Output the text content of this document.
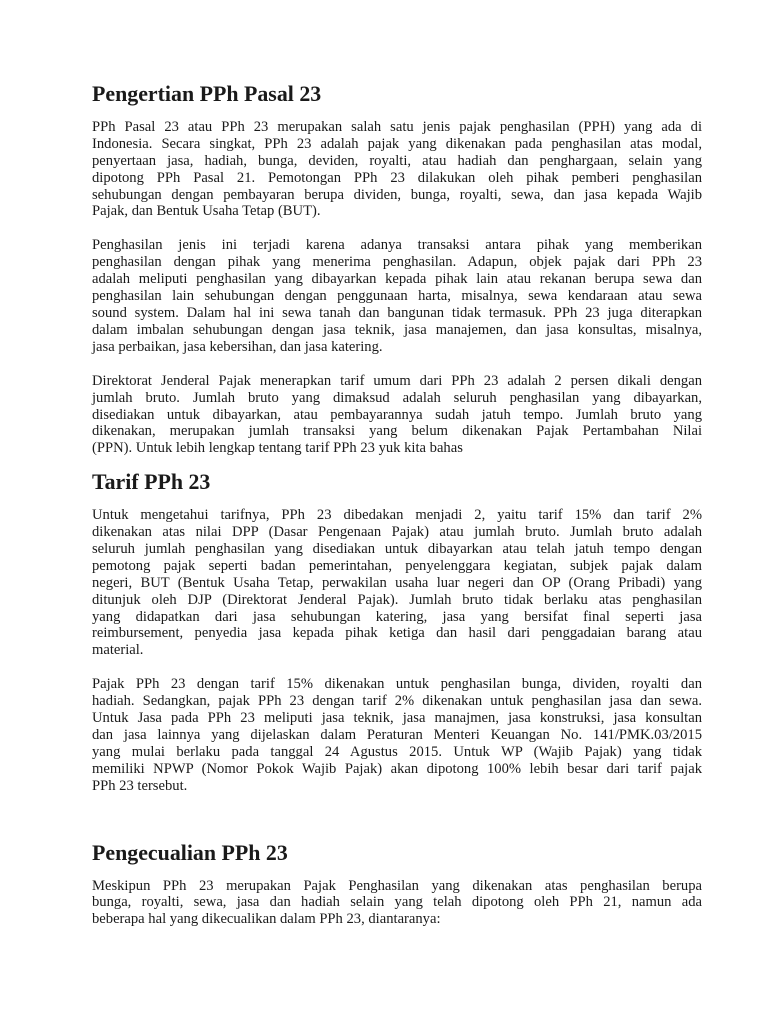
Pengertian PPh Pasal 23

PPh Pasal 23 atau PPh 23 merupakan salah satu jenis pajak penghasilan (PPH) yang ada di
Indonesia. Secara singkat, PPh 23 adalah pajak yang dikenakan pada penghasilan atas modal,
penyertaan jasa, hadiah, bunga, deviden, royalti, atau hadiah dan penghargaan, selain yang
dipotong PPh Pasal 21. Pemotongan PPh 23 dilakukan oleh pihak pemberi penghasilan
sehubungan dengan pembayaran berupa dividen, bunga, royalti, sewa, dan jasa kepada Wajib
Pajak, dan Bentuk Usaha Tetap (BUT).

Penghasilan jenis ini terjadi karena adanya transaksi antara pihak yang memberikan
penghasilan dengan pihak yang menerima penghasilan. Adapun, objek pajak dari PPh 23
adalah meliputi penghasilan yang dibayarkan kepada pihak lain atau rekanan berupa sewa dan
penghasilan lain sehubungan dengan penggunaan harta, misalnya, sewa kendaraan atau sewa
sound system. Dalam hal ini sewa tanah dan bangunan tidak termasuk. PPh 23 juga diterapkan
dalam imbalan sehubungan dengan jasa teknik, jasa manajemen, dan jasa konsultas, misalnya,
jasa perbaikan, jasa kebersihan, dan jasa katering.

Direktorat Jenderal Pajak menerapkan tarif umum dari PPh 23 adalah 2 persen dikali dengan
jumlah bruto. Jumlah bruto yang dimaksud adalah seluruh penghasilan yang dibayarkan,
disediakan untuk dibayarkan, atau pembayarannya sudah jatuh tempo. Jumlah bruto yang
dikenakan, merupakan jumlah transaksi yang belum dikenakan Pajak Pertambahan Nilai
(PPN). Untuk lebih lengkap tentang tarif PPh 23 yuk kita bahas

Tarif PPh 23

Untuk mengetahui tarifnya, PPh 23 dibedakan menjadi 2, yaitu tarif 15% dan tarif 2%
dikenakan atas nilai DPP (Dasar Pengenaan Pajak) atau jumlah bruto. Jumlah bruto adalah
seluruh jumlah penghasilan yang disediakan untuk dibayarkan atau telah jatuh tempo dengan
pemotong pajak seperti badan pemerintahan, penyelenggara kegiatan, subjek pajak dalam
negeri, BUT (Bentuk Usaha Tetap, perwakilan usaha luar negeri dan OP (Orang Pribadi) yang
ditunjuk oleh DJP (Direktorat Jenderal Pajak). Jumlah bruto tidak berlaku atas penghasilan
yang didapatkan dari jasa sehubungan katering, jasa yang bersifat final seperti jasa
reimbursement, penyedia jasa kepada pihak ketiga dan hasil dari penggadaian barang atau
material.

Pajak PPh 23 dengan tarif 15% dikenakan untuk penghasilan bunga, dividen, royalti dan
hadiah. Sedangkan, pajak PPh 23 dengan tarif 2% dikenakan untuk penghasilan jasa dan sewa.
Untuk Jasa pada PPh 23 meliputi jasa teknik, jasa manajmen, jasa konstruksi, jasa konsultan
dan jasa lainnya yang dijelaskan dalam Peraturan Menteri Keuangan No. 141/PMK.03/2015
yang mulai berlaku pada tanggal 24 Agustus 2015. Untuk WP (Wajib Pajak) yang tidak
memiliki NPWP (Nomor Pokok Wajib Pajak) akan dipotong 100% lebih besar dari tarif pajak
PPh 23 tersebut.

Pengecualian PPh 23

Meskipun PPh 23 merupakan Pajak Penghasilan yang dikenakan atas penghasilan berupa
bunga, royalti, sewa, jasa dan hadiah selain yang telah dipotong oleh PPh 21, namun ada
beberapa hal yang dikecualikan dalam PPh 23, diantaranya:
